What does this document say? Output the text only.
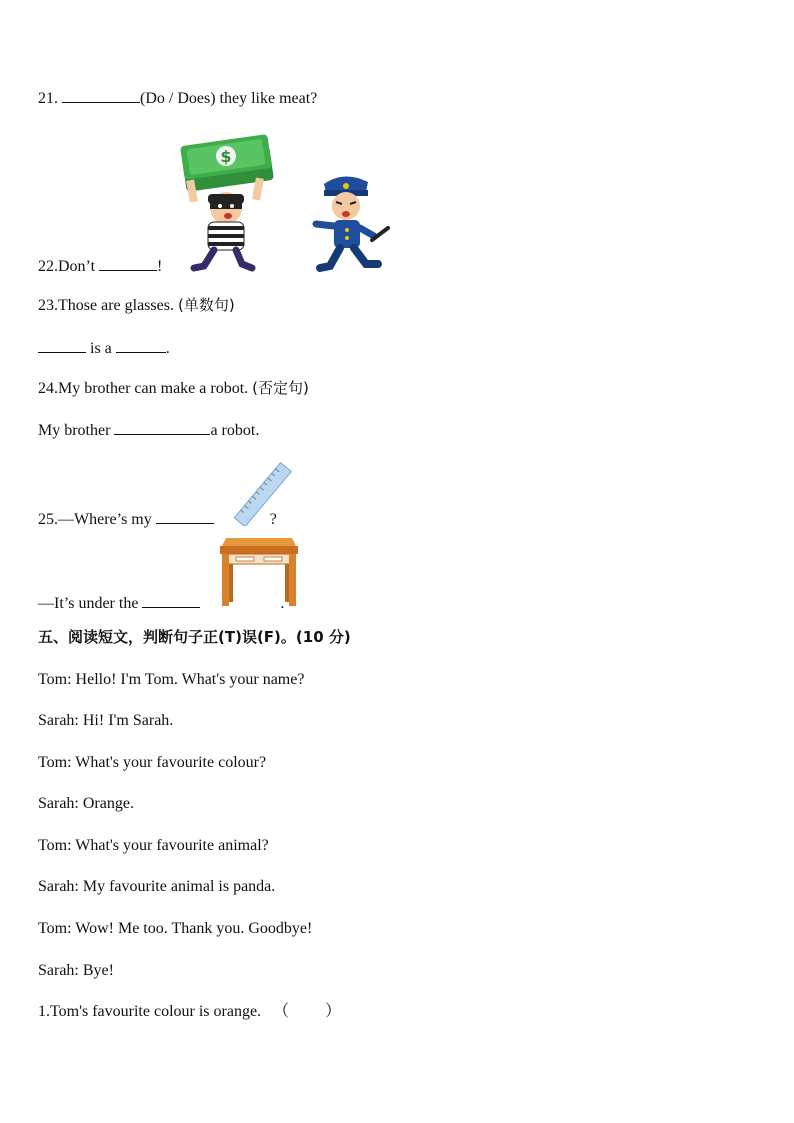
21.	(Do / Does) they like meat?
$
22.Don’t	!
23.Those are glasses. (单数句)
is a	.
24.My brother can make a robot. (否定句)
My brother	a robot.
25.—Where’s my	?
—It’s under the	.
五、阅读短文，判断句子正(T)误(F)。(10 分)
Tom: Hello! I'm Tom. What's your name?
Sarah: Hi! I'm Sarah.
Tom: What's your favourite colour?
Sarah: Orange.
Tom: What's your favourite animal?
Sarah: My favourite animal is panda.
Tom: Wow! Me too. Thank you. Goodbye!
Sarah: Bye!
1.Tom's favourite colour is orange. （ ）
